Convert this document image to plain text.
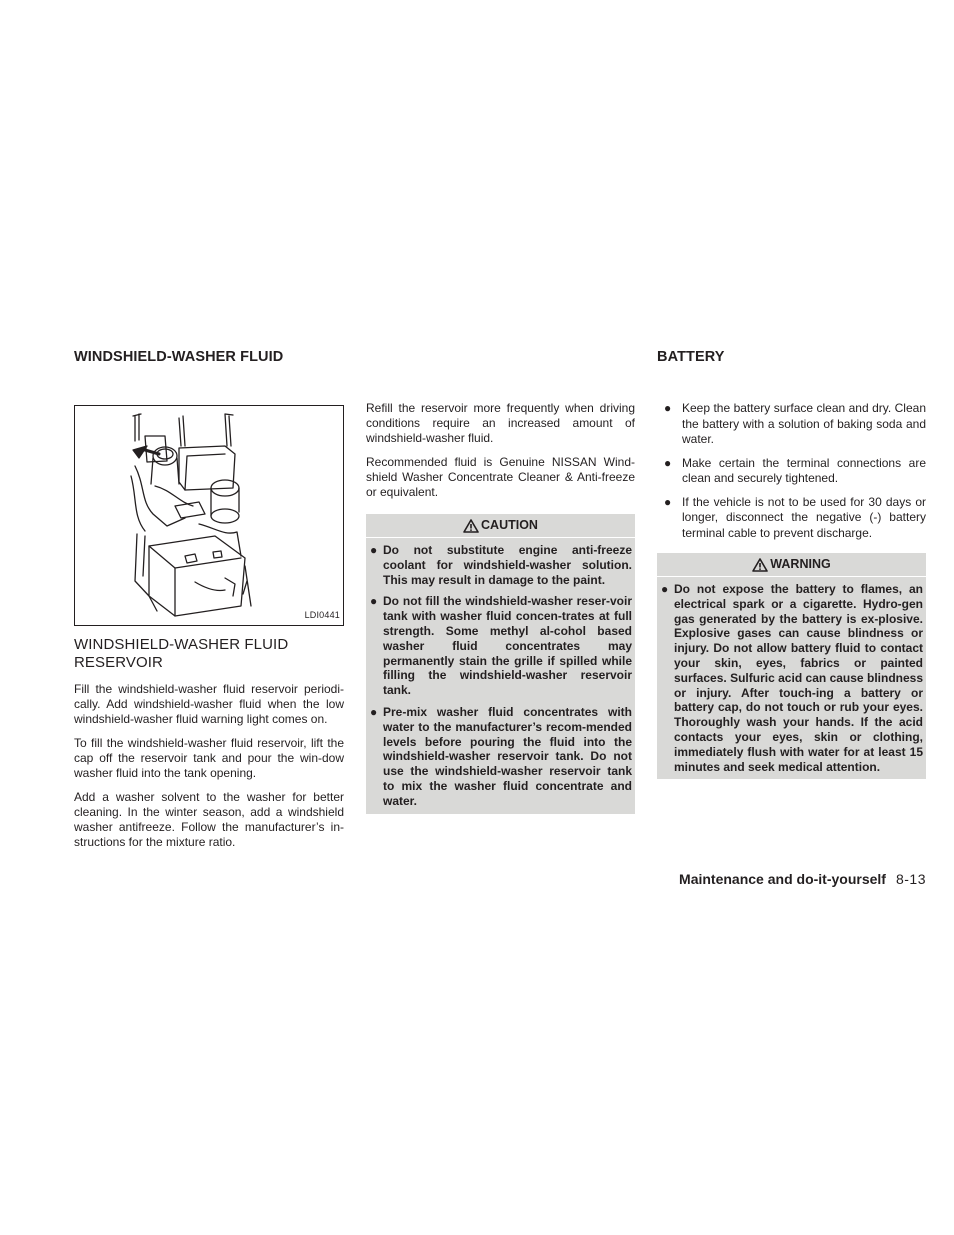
WINDSHIELD-WASHER FLUID	BATTERY
LDI0441
WINDSHIELD-WASHER FLUID RESERVOIR

Fill the windshield-washer fluid reservoir periodi-cally. Add windshield-washer fluid when the low windshield-washer fluid warning light comes on.

To fill the windshield-washer fluid reservoir, lift the cap off the reservoir tank and pour the win-dow washer fluid into the tank opening.

Add a washer solvent to the washer for better cleaning. In the winter season, add a windshield washer antifreeze. Follow the manufacturer’s in-structions for the mixture ratio.

Refill the reservoir more frequently when driving conditions require an increased amount of windshield-washer fluid.

Recommended fluid is Genuine NISSAN Wind-shield Washer Concentrate Cleaner & Anti-freeze or equivalent.

CAUTION
● Do not substitute engine anti-freeze coolant for windshield-washer solution. This may result in damage to the paint.
● Do not fill the windshield-washer reser-voir tank with washer fluid concen-trates at full strength. Some methyl al-cohol based washer fluid concentrates may permanently stain the grille if spilled while filling the windshield-washer reservoir tank.
● Pre-mix washer fluid concentrates with water to the manufacturer’s recom-mended levels before pouring the fluid into the windshield-washer reservoir tank. Do not use the windshield-washer reservoir tank to mix the washer fluid concentrate and water.
● Keep the battery surface clean and dry. Clean the battery with a solution of baking soda and water.
● Make certain the terminal connections are clean and securely tightened.
● If the vehicle is not to be used for 30 days or longer, disconnect the negative (-) battery terminal cable to prevent discharge.
WARNING
● Do not expose the battery to flames, an electrical spark or a cigarette. Hydro-gen gas generated by the battery is ex-plosive. Explosive gases can cause blindness or injury. Do not allow battery fluid to contact your skin, eyes, fabrics or painted surfaces. Sulfuric acid can cause blindness or injury. After touch-ing a battery or battery cap, do not touch or rub your eyes. Thoroughly wash your hands. If the acid contacts your eyes, skin or clothing, immediately flush with water for at least 15 minutes and seek medical attention.
Maintenance and do-it-yourself 8-13
